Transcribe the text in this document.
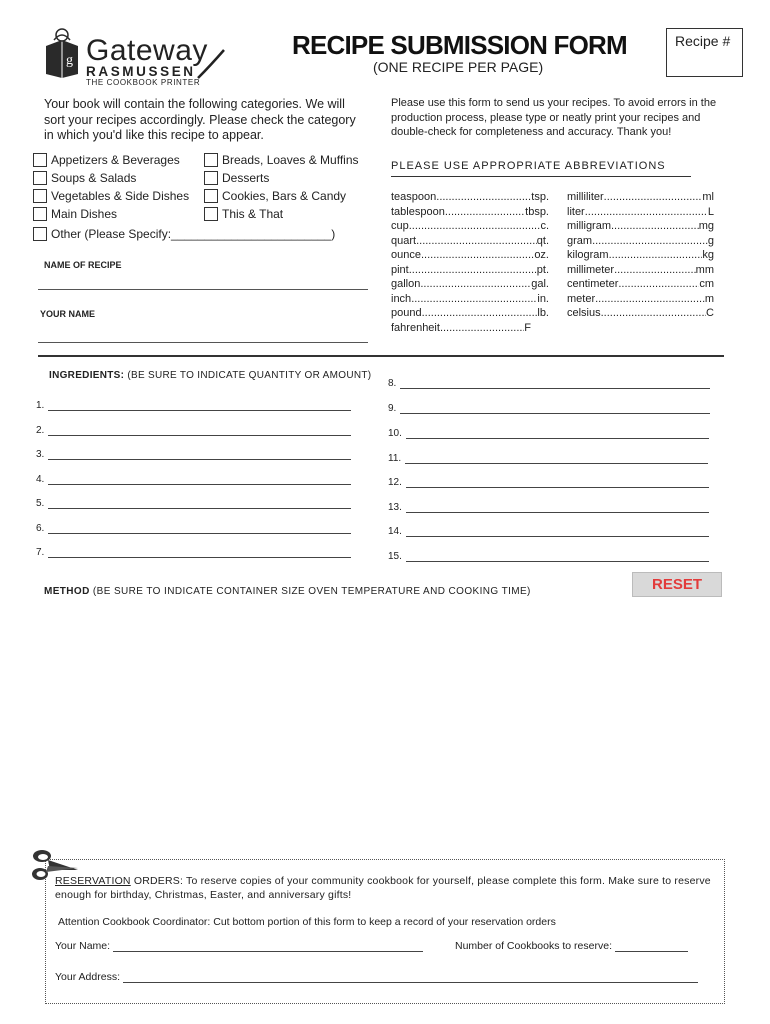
g Gateway
RASMUSSEN
THE COOKBOOK PRINTER
RECIPE SUBMISSION FORM
(ONE RECIPE PER PAGE)
Recipe #
Your book will contain the following categories. We will sort your recipes accordingly. Please check the category in which you'd like this recipe to appear.
Appetizers & Beverages
Soups & Salads
Vegetables & Side Dishes
Main Dishes
Other (Please Specify:________________________)
Breads, Loaves & Muffins
Desserts
Cookies, Bars & Candy
This & That
NAME OF RECIPE
YOUR NAME
Please use this form to send us your recipes. To avoid errors in the production process, please type or neatly print your recipes and double-check for completeness and accuracy. Thank you!
PLEASE USE APPROPRIATE ABBREVIATIONS
teaspoon .....	tsp.
tablespoon .....	tbsp.
cup .....	c.
quart .....	qt.
ounce .....	oz.
pint .....	pt.
gallon .....	gal.
inch .....	in.
pound .....	lb.
fahrenheit .....	F
milliliter .....	ml
liter .....	L
milligram .....	mg
gram .....	g
kilogram .....	kg
millimeter .....	mm
centimeter .....	cm
meter .....	m
celsius .....	C
INGREDIENTS: (BE SURE TO INDICATE QUANTITY OR AMOUNT)
1.
2.
3.
4.
5.
6.
7.
8.
9.
10.
11.
12.
13.
14.
15.
METHOD (BE SURE TO INDICATE CONTAINER SIZE OVEN TEMPERATURE AND COOKING TIME)	RESET
RESERVATION ORDERS: To reserve copies of your community cookbook for yourself, please complete this form. Make sure to reserve enough for birthday, Christmas, Easter, and anniversary gifts!
Attention Cookbook Coordinator: Cut bottom portion of this form to keep a record of your reservation orders
Your Name:	Number of Cookbooks to reserve:
Your Address:
